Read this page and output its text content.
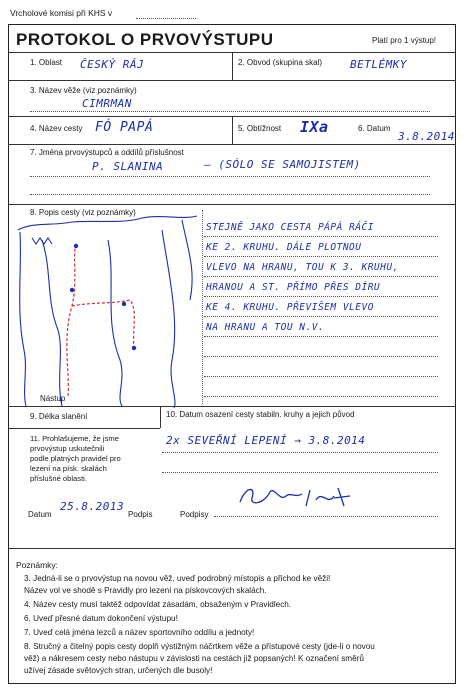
Vrcholové komisi při KHS v
PROTOKOL O PRVOVÝSTUPU	Platí pro 1 výstup!
1. Oblast ČESKÝ RÁJ	2. Obvod (skupina skal)	BETLÉMKY
3. Název věže (viz poznámky)
CIMRMAN
4. Název cesty FÓ PAPÁ	5. Obtížnost IXa	6. Datum
3.8.2014
7. Jména prvovýstupců a oddílů příslušnost
P. SLANINA	— (SÓLO SE SAMOJISTEM)
8. Popis cesty (viz poznámky)
Nástup
STEJNĚ JAKO CESTA PÁPÁ RÁČI
KE 2. KRUHU. DÁLE PLOTNOU
VLEVO NA HRANU, TOU K 3. KRUHU,
HRANOU A ST. PŘÍMO PŘES DÍRU
KE 4. KRUHU. PŘEVIŠEM VLEVO
NA HRANU A TOU N.V.
9. Délka slanění	10. Datum osazení cesty stabiln. kruhy a jejich původ
11. Prohlašujeme, že jsme prvovýstup uskutečnili podle platných pravidel pro lezení na písk. skalách příslušné oblasti.
2x SEVEŘNÍ LEPENÍ → 3.8.2014
Podpisy
Datum
25.8.2013
Podpis
Poznámky:
3. Jedná-li se o prvovýstup na novou věž, uveď podrobný místopis a přichod ke věži!
Název vol ve shodě s Pravidly pro lezení na pískovcových skalách.
4. Název cesty musí taktéž odpovídat zásadám, obsaženým v Pravidlech.
6. Uveď přesné datum dokončení výstupu!
7. Uveď celá jména lezců a název sportovního oddílu a jednoty!
8. Stručný a čitelný popis cesty doplň výstižným náčrtkem věže a přístupové cesty (jde-li o novou
věž) a nákresem cesty nebo nástupu v závislosti na cestách již popsaných! K označení směrů
užívej zásade světových stran, určených dle busoly!
